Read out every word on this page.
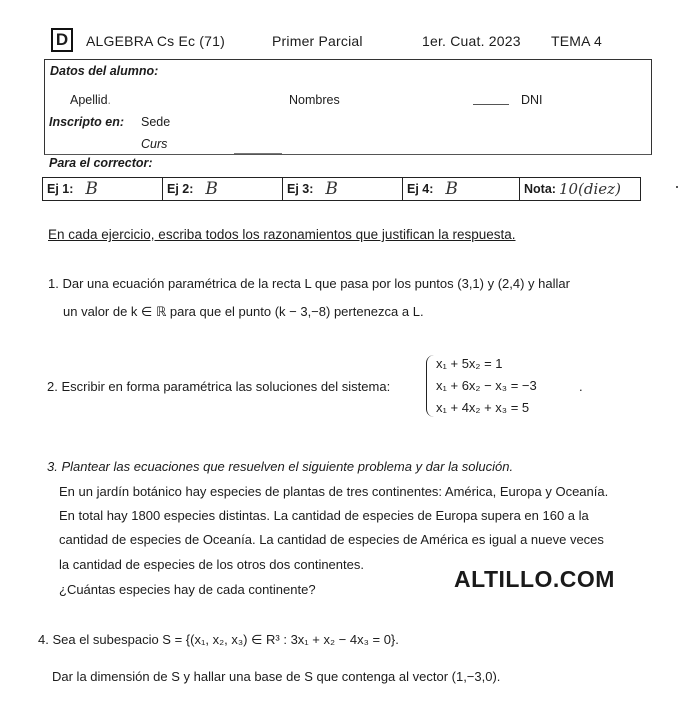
D	ALGEBRA Cs Ec (71)	Primer Parcial	1er. Cuat. 2023 TEMA 4
Datos del alumno:
Apellid.	Nombres	DNI
Inscripto en: Sede
Curs
Para el corrector:
Ej 1: B	Ej 2: B	Ej 3: B	Ej 4: B	Nota: 10(diez)
En cada ejercicio, escriba todos los razonamientos que justifican la respuesta.
1. Dar una ecuación paramétrica de la recta L que pasa por los puntos (3,1) y (2,4) y hallar
un valor de k ∈ ℝ para que el punto (k − 3,−8) pertenezca a L.
2. Escribir en forma paramétrica las soluciones del sistema:
x₁ + 5x₂ = 1
x₁ + 6x₂ − x₃ = −3
x₁ + 4x₂ + x₃ = 5
.
3. Plantear las ecuaciones que resuelven el siguiente problema y dar la solución.
En un jardín botánico hay especies de plantas de tres continentes: América, Europa y Oceanía.
En total hay 1800 especies distintas. La cantidad de especies de Europa supera en 160 a la
cantidad de especies de Oceanía. La cantidad de especies de América es igual a nueve veces
la cantidad de especies de los otros dos continentes.
¿Cuántas especies hay de cada continente?	ALTILLO.COM
4. Sea el subespacio S = {(x₁, x₂, x₃) ∈ R³ : 3x₁ + x₂ − 4x₃ = 0}.
Dar la dimensión de S y hallar una base de S que contenga al vector (1,−3,0).
